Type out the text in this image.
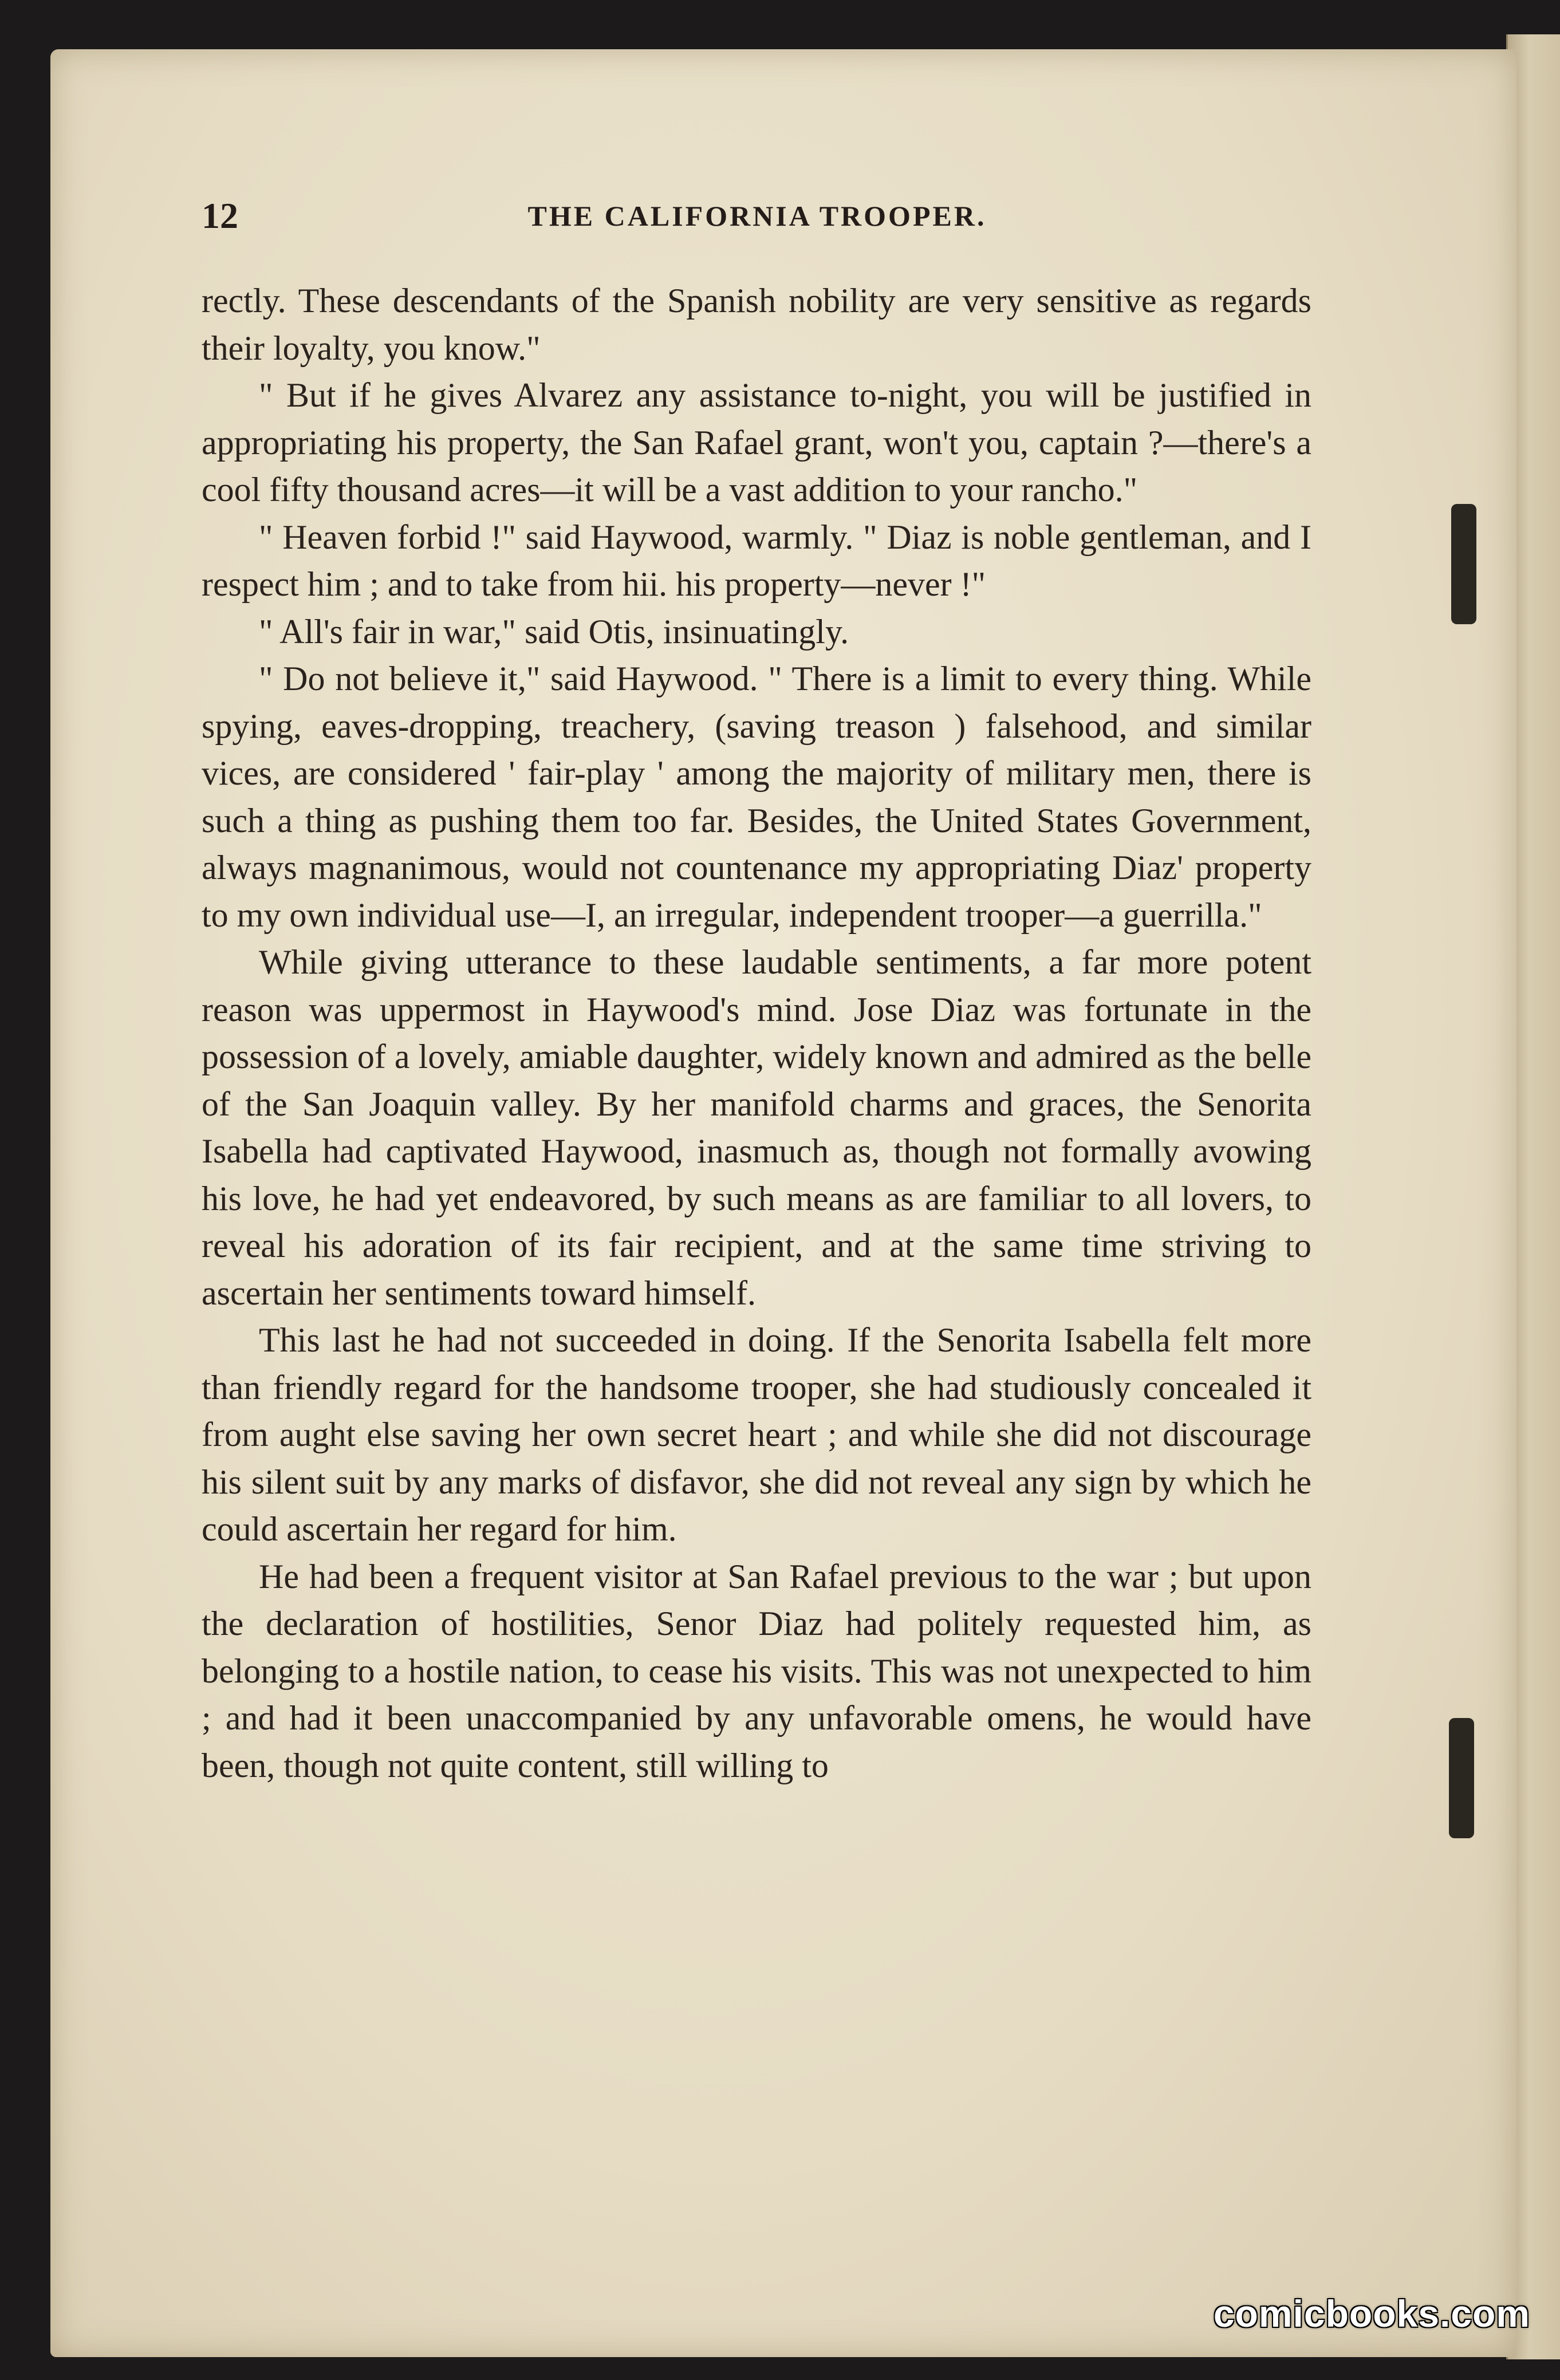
12	THE CALIFORNIA TROOPER.

rectly. These descendants of the Spanish nobility are very sensitive as regards their loyalty, you know."

" But if he gives Alvarez any assistance to-night, you will be justified in appropriating his property, the San Rafael grant, won't you, captain ?—there's a cool fifty thousand acres—it will be a vast addition to your rancho."

" Heaven forbid !" said Haywood, warmly. " Diaz is noble gentleman, and I respect him ; and to take from hii. his property—never !"

" All's fair in war," said Otis, insinuatingly.

" Do not believe it," said Haywood. " There is a limit to every thing. While spying, eaves-dropping, treachery, (saving treason ) falsehood, and similar vices, are considered ' fair-play ' among the majority of military men, there is such a thing as pushing them too far. Besides, the United States Government, always magnanimous, would not countenance my appropriating Diaz' property to my own individual use—I, an irregular, independent trooper—a guerrilla."

While giving utterance to these laudable sentiments, a far more potent reason was uppermost in Haywood's mind. Jose Diaz was fortunate in the possession of a lovely, amiable daughter, widely known and admired as the belle of the San Joaquin valley. By her manifold charms and graces, the Senorita Isabella had captivated Haywood, inasmuch as, though not formally avowing his love, he had yet endeavored, by such means as are familiar to all lovers, to reveal his adoration of its fair recipient, and at the same time striving to ascertain her sentiments toward himself.

This last he had not succeeded in doing. If the Senorita Isabella felt more than friendly regard for the handsome trooper, she had studiously concealed it from aught else saving her own secret heart ; and while she did not discourage his silent suit by any marks of disfavor, she did not reveal any sign by which he could ascertain her regard for him.

He had been a frequent visitor at San Rafael previous to the war ; but upon the declaration of hostilities, Senor Diaz had politely requested him, as belonging to a hostile nation, to cease his visits. This was not unexpected to him ; and had it been unaccompanied by any unfavorable omens, he would have been, though not quite content, still willing to

comicbooks.com
